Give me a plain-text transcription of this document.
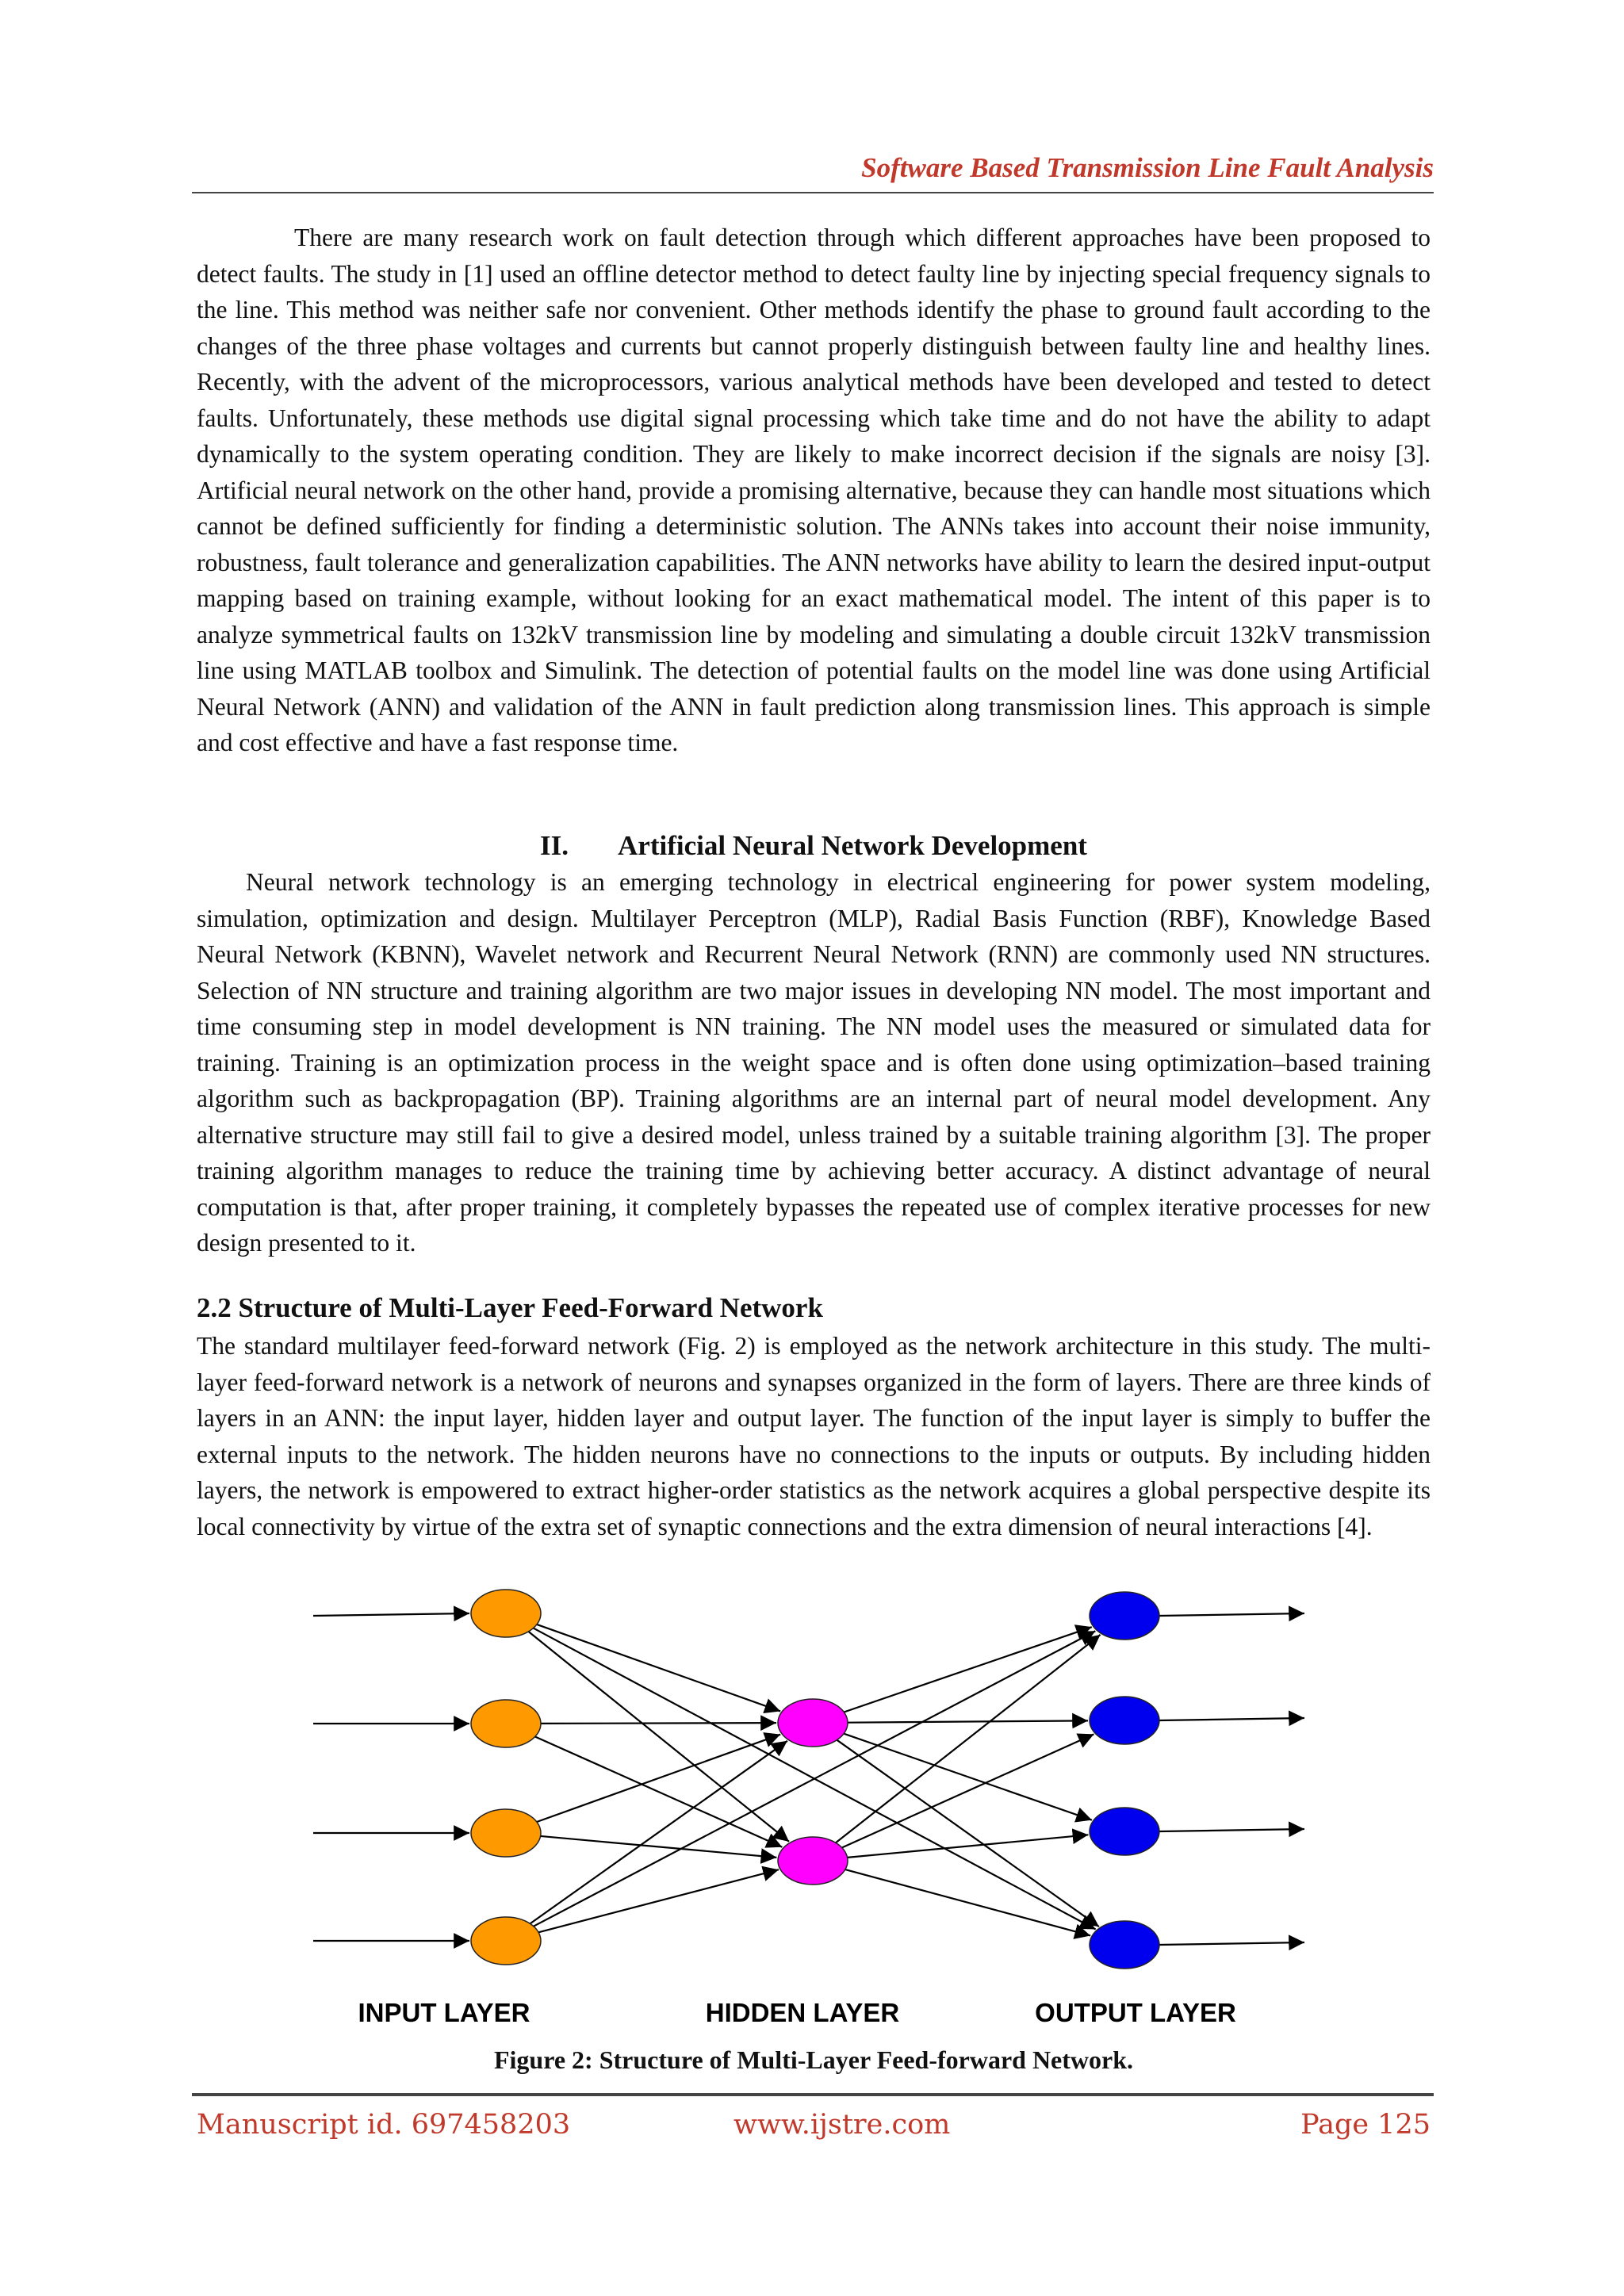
Software Based Transmission Line Fault Analysis

There are many research work on fault detection through which different approaches have been proposed to detect faults. The study in [1] used an offline detector method to detect faulty line by injecting special frequency signals to the line. This method was neither safe nor convenient. Other methods identify the phase to ground fault according to the changes of the three phase voltages and currents but cannot properly distinguish between faulty line and healthy lines. Recently, with the advent of the microprocessors, various analytical methods have been developed and tested to detect faults. Unfortunately, these methods use digital signal processing which take time and do not have the ability to adapt dynamically to the system operating condition. They are likely to make incorrect decision if the signals are noisy [3]. Artificial neural network on the other hand, provide a promising alternative, because they can handle most situations which cannot be defined sufficiently for finding a deterministic solution. The ANNs takes into account their noise immunity, robustness, fault tolerance and generalization capabilities. The ANN networks have ability to learn the desired input-output mapping based on training example, without looking for an exact mathematical model. The intent of this paper is to analyze symmetrical faults on 132kV transmission line by modeling and simulating a double circuit 132kV transmission line using MATLAB toolbox and Simulink. The detection of potential faults on the model line was done using Artificial Neural Network (ANN) and validation of the ANN in fault prediction along transmission lines. This approach is simple and cost effective and have a fast response time.

II. Artificial Neural Network Development

Neural network technology is an emerging technology in electrical engineering for power system modeling, simulation, optimization and design. Multilayer Perceptron (MLP), Radial Basis Function (RBF), Knowledge Based Neural Network (KBNN), Wavelet network and Recurrent Neural Network (RNN) are commonly used NN structures. Selection of NN structure and training algorithm are two major issues in developing NN model. The most important and time consuming step in model development is NN training. The NN model uses the measured or simulated data for training. Training is an optimization process in the weight space and is often done using optimization–based training algorithm such as backpropagation (BP). Training algorithms are an internal part of neural model development. Any alternative structure may still fail to give a desired model, unless trained by a suitable training algorithm [3]. The proper training algorithm manages to reduce the training time by achieving better accuracy. A distinct advantage of neural computation is that, after proper training, it completely bypasses the repeated use of complex iterative processes for new design presented to it.

2.2 Structure of Multi-Layer Feed-Forward Network

The standard multilayer feed-forward network (Fig. 2) is employed as the network architecture in this study. The multi-layer feed-forward network is a network of neurons and synapses organized in the form of layers. There are three kinds of layers in an ANN: the input layer, hidden layer and output layer. The function of the input layer is simply to buffer the external inputs to the network. The hidden neurons have no connections to the inputs or outputs. By including hidden layers, the network is empowered to extract higher-order statistics as the network acquires a global perspective despite its local connectivity by virtue of the extra set of synaptic connections and the extra dimension of neural interactions [4].

INPUT LAYER	HIDDEN LAYER	OUTPUT LAYER
Figure 2: Structure of Multi-Layer Feed-forward Network.
Manuscript id. 697458203	www.ijstre.com	Page 125
